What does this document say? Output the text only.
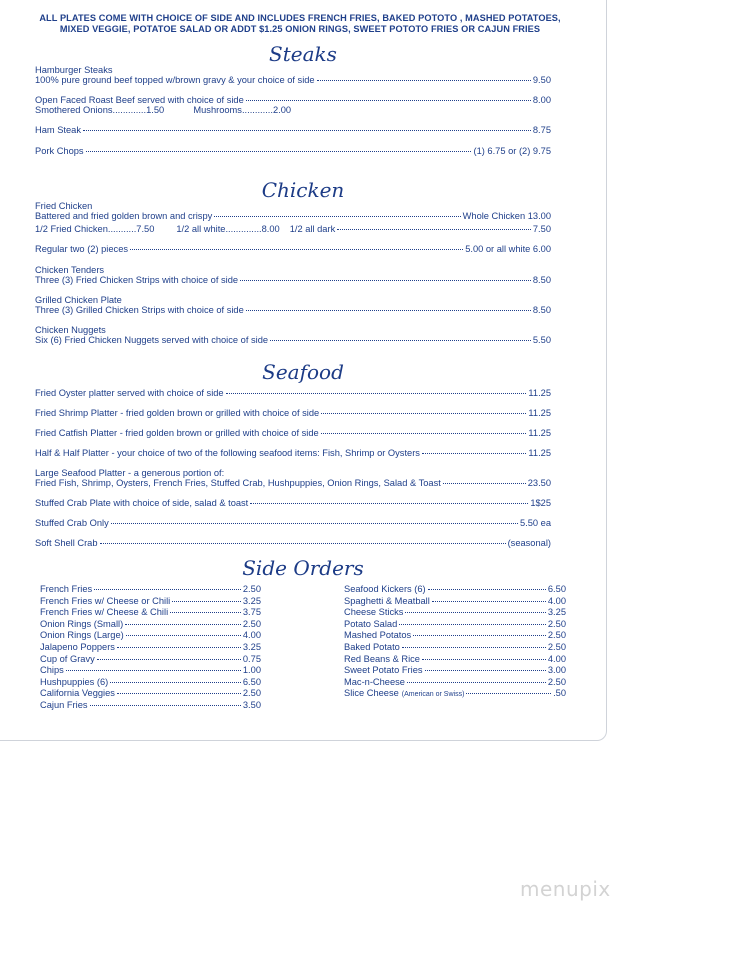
ALL PLATES COME WITH CHOICE OF SIDE AND INCLUDES FRENCH FRIES, BAKED POTOTO , MASHED POTATOES,
MIXED VEGGIE, POTATOE SALAD OR ADDT $1.25 ONION RINGS, SWEET POTOTO FRIES OR CAJUN FRIES
Steaks
Hamburger Steaks
100% pure ground beef topped w/brown gravy & your choice of side	9.50
Open Faced Roast Beef served with choice of side	8.00
Smothered Onions.............1.50	Mushrooms............2.00
Ham Steak	8.75
Pork Chops	(1) 6.75 or (2) 9.75
Chicken
Fried Chicken
Battered and fried golden brown and crispy	Whole Chicken 13.00
1/2 Fried Chicken...........7.50 1/2 all white..............8.00 1/2 all dark	7.50
Regular two (2) pieces	5.00 or all white 6.00
Chicken Tenders
Three (3) Fried Chicken Strips with choice of side	8.50
Grilled Chicken Plate
Three (3) Grilled Chicken Strips with choice of side	8.50
Chicken Nuggets
Six (6) Fried Chicken Nuggets served with choice of side	5.50
Seafood
Fried Oyster platter served with choice of side	11.25
Fried Shrimp Platter - fried golden brown or grilled with choice of side	11.25
Fried Catfish Platter - fried golden brown or grilled with choice of side	11.25
Half & Half Platter - your choice of two of the following seafood items: Fish, Shrimp or Oysters	11.25
Large Seafood Platter - a generous portion of:
Fried Fish, Shrimp, Oysters, French Fries, Stuffed Crab, Hushpuppies, Onion Rings, Salad & Toast	23.50
Stuffed Crab Plate with choice of side, salad & toast	1$25
Stuffed Crab Only	5.50 ea
Soft Shell Crab	(seasonal)
Side Orders
French Fries	2.50
French Fries w/ Cheese or Chili	3.25
French Fries w/ Cheese & Chili	3.75
Onion Rings (Small)	2.50
Onion Rings (Large)	4.00
Jalapeno Poppers	3.25
Cup of Gravy	0.75
Chips	1.00
Hushpuppies (6)	6.50
California Veggies	2.50
Cajun Fries	3.50
Seafood Kickers (6)	6.50
Spaghetti & Meatball	4.00
Cheese Sticks	3.25
Potato Salad	2.50
Mashed Potatos	2.50
Baked Potato	2.50
Red Beans & Rice	4.00
Sweet Potato Fries	3.00
Mac-n-Cheese	2.50
Slice Cheese (American or Swiss)	.50
menupix
